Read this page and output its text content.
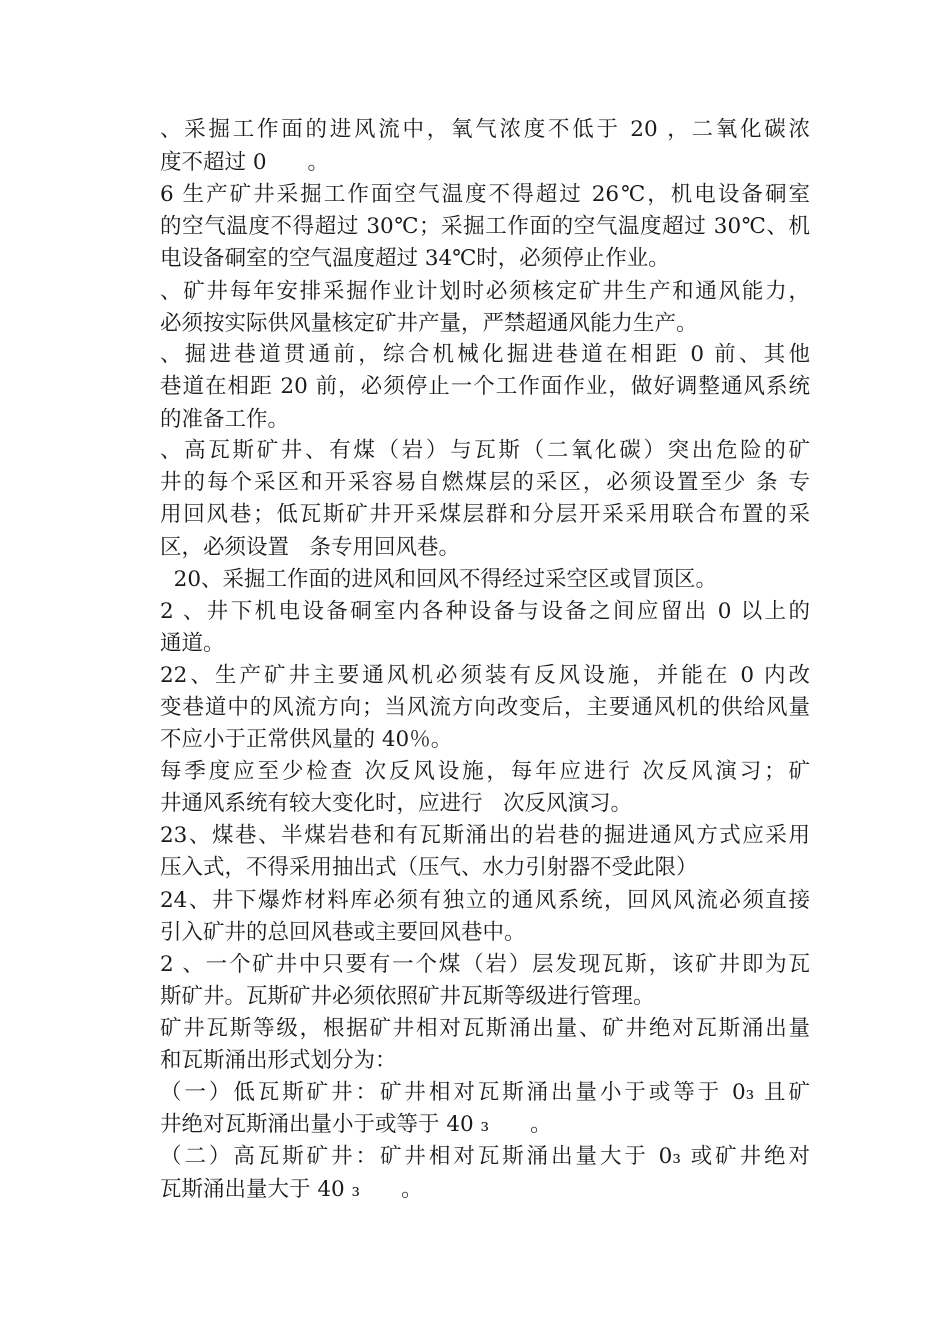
、采掘工作面的进风流中，氧气浓度不低于 20 ，二氧化碳浓
度不超过 0      。
6 生产矿井采掘工作面空气温度不得超过 26℃，机电设备硐室
的空气温度不得超过 30℃；采掘工作面的空气温度超过 30℃、机
电设备硐室的空气温度超过 34℃时，必须停止作业。
、矿井每年安排采掘作业计划时必须核定矿井生产和通风能力，
必须按实际供风量核定矿井产量，严禁超通风能力生产。
、掘进巷道贯通前，综合机械化掘进巷道在相距 0 前、其他
巷道在相距 20 前，必须停止一个工作面作业，做好调整通风系统
的准备工作。
、高瓦斯矿井、有煤（岩）与瓦斯（二氧化碳）突出危险的矿
井的每个采区和开采容易自燃煤层的采区，必须设置至少 条 专
用回风巷；低瓦斯矿井开采煤层群和分层开采采用联合布置的采
区，必须设置   条专用回风巷。
20、采掘工作面的进风和回风不得经过采空区或冒顶区。
2 、井下机电设备硐室内各种设备与设备之间应留出 0 以上的
通道。
22、生产矿井主要通风机必须装有反风设施，并能在 0 内改
变巷道中的风流方向；当风流方向改变后，主要通风机的供给风量
不应小于正常供风量的 40％。
每季度应至少检查 次反风设施，每年应进行 次反风演习；矿
井通风系统有较大变化时，应进行   次反风演习。
23、煤巷、半煤岩巷和有瓦斯涌出的岩巷的掘进通风方式应采用
压入式，不得采用抽出式（压气、水力引射器不受此限）
24、井下爆炸材料库必须有独立的通风系统，回风风流必须直接
引入矿井的总回风巷或主要回风巷中。
2 、一个矿井中只要有一个煤（岩）层发现瓦斯，该矿井即为瓦
斯矿井。瓦斯矿井必须依照矿井瓦斯等级进行管理。
矿井瓦斯等级，根据矿井相对瓦斯涌出量、矿井绝对瓦斯涌出量
和瓦斯涌出形式划分为：
（一）低瓦斯矿井：矿井相对瓦斯涌出量小于或等于 0₃ 且矿
井绝对瓦斯涌出量小于或等于 40 ₃      。
（二）高瓦斯矿井：矿井相对瓦斯涌出量大于 0₃ 或矿井绝对
瓦斯涌出量大于 40 ₃      。
